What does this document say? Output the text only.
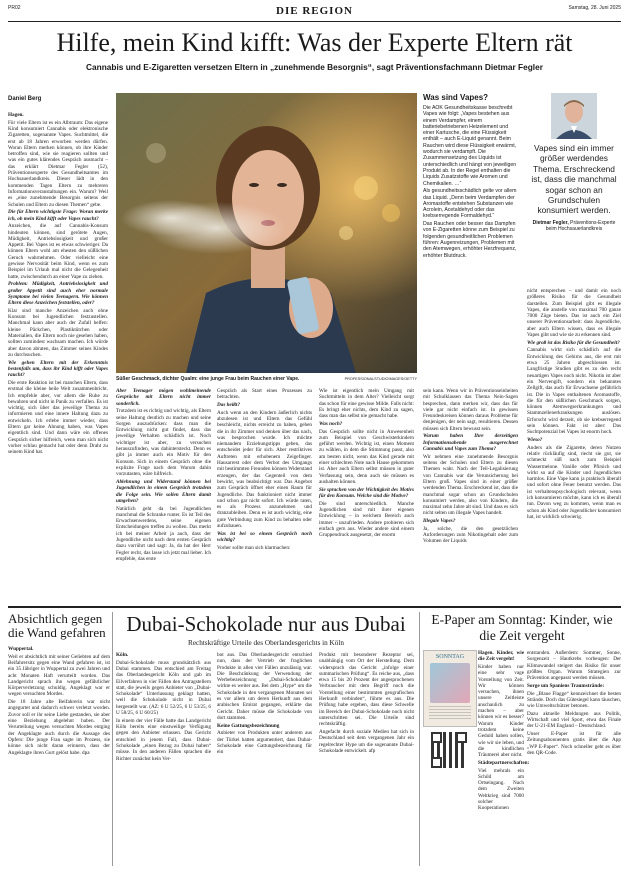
PR02	DIE REGION	Samstag, 28. Juni 2025
Hilfe, mein Kind kifft: Was der Experte Eltern rät
Cannabis und E-Zigaretten versetzen Eltern in „zunehmende Besorgnis“, sagt Präventionsfachmann Dietmar Fegler
Daniel Berg

Hagen.

Für viele Eltern ist es ein Albtraum: Das eigene Kind konsumiert Cannabis oder elektronische Zigaretten, sogenannte Vapes. Suchtmittel, die erst ab 18 Jahren erworben werden dürfen. Woran Eltern merken können, ob ihre Kinder betroffen sind, wie sie reagieren sollten und was ein gutes klärendes Gespräch ausmacht – das erklärt Dietmar Fegler (52), Präventionsexperte des Gesundheitsamtes im Hochsauerlandkreis. Dieser lädt in den kommenden Tagen Eltern zu mehreren Informationsveranstaltungen ein. Warum? Weil es „eine zunehmende Besorgnis seitens der Schulen und Eltern zu diesen Themen“ gebe.

Die für Eltern wichtigste Frage: Woran merke ich, ob mein Kind kifft oder Vapes raucht?

Anzeichen, die auf Cannabis-Konsum hindeuten können, sind gerötete Augen, Müdigkeit, Antriebslosigkeit und großer Appetit. Bei Vapes ist es etwas schwieriger. Da können Eltern wohl am ehesten den süßlichen Geruch wahrnehmen. Oder vielleicht eine gewisse Nervosität beim Kind, wenn es zum Beispiel im Urlaub mal nicht die Gelegenheit hatte, zwischendurch an einer Vape zu ziehen.

Problem: Müdigkeit, Antriebslosigkeit und großer Appetit sind auch eher normale Symptome bei vielen Teenagern. Wie können Eltern diese Anzeichen feststellen, oder?

Klar sind manche Anzeichen auch ohne Konsum bei Jugendlichen festzustellen. Manchmal kann aber auch der Zufall helfen: kleine Päckchen, Plastiktütchen oder Materialien, die Eltern noch nie gesehen haben, sollten zumindest wachsam machen. Ich würde aber davon abraten, das Zimmer seines Kindes zu durchsuchen.

Wie gehen Eltern mit der Erkenntnis bestenfalls um, dass ihr Kind kifft oder Vapes raucht?

Die erste Reaktion ist bei manchen Eltern, dass erstmal die kleine heile Welt zusammenbricht. Ich empfehle aber, vor allem die Ruhe zu bewahren und nicht in Panik zu verfallen. Es ist wichtig, sich über das jeweilige Thema zu informieren und eine innere Haltung dazu zu entwickeln. Ich erlebe immer wieder, dass Eltern gar keine Ahnung haben, was Vapes eigentlich sind. Und dann wäre ein offenes Gespräch sicher hilfreich, wenn man sich nicht vorher schlau gemacht hat oder denn Draht zu seinem Kind hat.

Süßer Geschmack, dichter Qualm: eine junge Frau beim Rauchen einer Vape.	PROFESSIONALSTUDIOIMAGES/GETTY

Aber Teenager mögen wohlmeinende Gespräche mit Eltern nicht immer sonderlich.

Trotzdem ist es richtig und wichtig, als Eltern seine Haltung deutlich zu machen und seine Sorgen auszudrücken: dass man die Entwicklung nicht gut findet, dass das jeweilige Verhalten schädlich ist. Noch wichtiger ist aber, zu versuchen herauszufinden, was dahintersteckt. Denn es gibt ja immer auch ein Motiv für den Konsum. Sich in einem Gespräch ohne die explizite Frage nach dem Warum dahin vorzutasten, wäre hilfreich.

Ablehnung und Widerstand können bei Jugendlichen in einem Gespräch trotzdem die Folge sein. Wie sollen Eltern damit umgehen?

Natürlich geht da bei Jugendlichen manchmal die Schranke runter. Es ist Teil des Erwachsenwerdens, seine eigenen Entscheidungen treffen zu wollen. Das merkt ich bei meiner Arbeit ja auch, dass der Jugendliche nicht nach dem ersten Gespräch dazu vorrührt und sagt: Ja, da hat der Herr Fegler recht, das lasse ich jetzt mal lieber. Ich empfehle, das erste

Gespräch als Start eines Prozesses zu betrachten.

Das heißt?

Auch wenn an den Kindern äußerlich nichts abzulesen ist und Eltern das Gefühl beschleicht, nichts erreicht zu haben, gehen die in ihr Zimmer und denken über das nach, was besprochen wurde. Ich möchte niemandem Erziehungstipps geben, das entscheidet jeder für sich. Aber restriktives Auftreten mit erhobenem Zeigefinger. Hausarrest oder dem Verbot des Umgangs mit bestimmten Freunden können Widerstand erzeugen, der das Gegenteil von dem bewirkt, was beabsichtigt war. Das Angebot zum Gespräch öffnet eher einen Raum für Jugendliche. Das funktioniert nicht immer und schon gar nicht sofort. Ich würde raten, es als Prozess anzunehmen und dranzubleiben. Denn es ist auch wichtig, eine gute Verbindung zum Kind zu behalten oder aufzubauen.

Was ist bei so einem Gespräch noch wichtig?

Vorher sollte man sich klarmachen:

Wie ist eigentlich mein Umgang mit Suchtmitteln in dem Alter? Vielleicht sorgt das schon für eine gewisse Milde. Falls nicht: Es bringt eher nichts, dem Kind zu sagen, dass man das selbst nie gemacht habe.

Was noch?

Das Gespräch sollte nicht in Anwesenheit zum Beispiel von Geschwisterkindern geführt werden. Wichtig ist, einen Moment zu wählen, in dem die Stimmung passt, also am besten nicht, wenn das Kind gerade mit einer schlechten Note nach Hause gekommen ist. Aber auch Eltern selbst müssen in guter Verfassung sein, denn auch sie müssen es aushalten können.

Sie sprachen von der Wichtigkeit des Motivs für den Konsum. Welche sind die Motive?

Die sind unterschiedlich. Manche Jugendlichen sind mit ihrer eigenen Entwicklung – in welchem Bereich auch immer – unzufrieden. Andere probieren sich einfach gern aus. Wieder andere sind einem Gruppendruck ausgesetzt, der enorm

sein kann. Wenn wir in Präventionseinheiten mit Schulklassen das Thema Nein-Sagen besprechen, dann merken wir, dass das für viele gar nicht einfach ist. In gewissen Freundeskreisen können daraus Probleme für denjenigen, der nein sagt, resultieren. Dessen müssen sich Eltern bewusst sein.

Warum haben Ihre derzeitigen Informationsabende ausgerechnet Cannabis und Vapes zum Thema?

Wir nehmen eine zunehmende Besorgnis seitens der Schulen und Eltern zu diesen Themen wahr. Nach der Teil-Legalisierung von Cannabis war die Verunsicherung bei Eltern groß. Vapes sind in einer größer werdenden Thema. Erschreckend ist, dass die manchmal sogar schon an Grundschulen konsumiert werden, also von Kindern, die maximal zehn Jahre alt sind. Und dass es sich nicht selten um illegale Vapes handelt.

Illegale Vapes?

Ja, solche, die den gesetzlichen Anforderungen zum Nikotingehalt oder zum Volumen der Liquids

Was sind Vapes?

Die AOK Gesundheitskasse beschreibt Vapes wie folgt: „Vapes bestehen aus einem Verdampfer, einem batteriebetriebenen Heizelement und einer Kartusche, die eine Flüssigkeit enthält – auch E-Liquid genannt. Beim Rauchen wird diese Flüssigkeit erwärmt, wodurch sie verdampft. Die Zusammensetzung des Liquids ist unterschiedlich und hängt von jeweiligen Produkt ab. In der Regel enthalten die Liquids Zusatzstoffe wie Aromen und Chemikalien. …“

Als gesundheitsschädlich gelte vor allem das Liquid. „Denn beim Verdampfen der Aromastoffe entstehen Substanzen wie Acrolein, Acetaldehyd oder das krebserregende Formaldehyd.“

Das Rauchen oder besser das Dampfen von E-Zigaretten könne zum Beispiel zu folgenden gesundheitlichen Problemen führen: Augenreizungen, Problemen mit den Atemwegen, erhöhter Herzfrequenz, erhöhter Blutdruck.

Vapes sind ein immer größer werdendes Thema. Erschreckend ist, dass die manchmal sogar schon an Grundschulen konsumiert werden.
Dietmar Fegler, Präventions-Experte beim Hochsauerlandkreis

nicht entsprechen – und damit ein noch größeres Risiko für die Gesundheit darstellen. Zum Beispiel gibt es illegale Vapes, die anstelle von maximal 700 ganze 7000 Züge bieten. Das ist auch ein Ziel unserer Präventionsarbeit: dass Jugendliche, aber auch Eltern wissen, dass es illegale Vapes gibt und wie sie zu erkennen sind.

Wie groß ist das Risiko für die Gesundheit?

Cannabis wirkt sich schädlich auf die Entwicklung des Gehirns aus, die erst mit etwa 25 Jahren abgeschlossen ist. Langfristige Studien gibt es zu den recht neuartigen Vapes noch nicht. Nikotin ist aber ein Nervengift, sondern ein bekanntes Zellgift, das auch für Erwachsene gefährlich ist. Die in Vapes enthaltenen Aromastoffe, die für den süßlichen Geschmack sorgen, können Atemwegserkrankungen und Stammzellenerkrankungen auslösen. Erforscht wird derzeit, ob sie krebserregend sein können. Fakt ist aber: Das Suchtpotenzial bei Vapes ist enorm hoch.

Wieso?

Anders als die Zigarette, deren Nutzen relativ rückläufig sind, riecht sie gut, sie schmeckt süß nach zum Beispiel Wassermelone. Vanille oder Pfirsich und wirkt so auf die Kinder und Jugendlichen harmlos. Eine Vape kann ja praktisch überall und sofort ohne Feuer benutzt werden. Das ist verhaltenspsychologisch relevant, wenn ich konsumieren möchte, kann ich es überall tun. Davon weg zu kommen, wenn man es schon als Kind oder Jugendlicher konsumiert hat, ist wirklich schwierig.

Absichtlich gegen die Wand gefahren

Wuppertal.

Weil er absichtlich mit seiner Geliebten auf dem Beifahrersitz gegen eine Wand gefahren ist, ist ein 35 Jähriger in Wuppertal zu zwei Jahren und acht Monaten Haft verurteilt worden. Das Landgericht sprach ihn wegen gefährlicher Körperverletzung schuldig. Angeklagt war er wegen versuchten Mordes.

Die 18 Jahre alte Beifahrerin war nicht angegurtet und dadurch schwer verletzt worden. Zuvor soll er ihr seine Liebe gestanden, sie aber eine Beziehung abgelehnt haben. Der Verurteilung wegen versuchten Mordes entging der Angeklagte auch durch die Aussage des Opfers: Die junge Frau sagte im Prozess, sie könne sich nicht daran erinnern, dass der Angeklagte ihren Gurt gelöst habe. dpa

Dubai-Schokolade nur aus Dubai
Rechtskräftige Urteile des Oberlandesgerichts in Köln

Köln.

Dubai-Schokolade muss grundsätzlich aus Dubai stammen. Das entschied am Freitag das Oberlandesgericht Köln und gab im Eilverfahren in vier Fällen den Antragstellern statt, die jeweils gegen Anbieter von „Dubai-Schokolade“ Unterlassung geklagt hatten, weil die Schokolade nicht in Dubai hergestellt war. (AZ: 6 U 52/25, 6 U 53/25, 6 U 58/25, 6 U 60/25)

In einem der vier Fälle hatte das Landgericht Köln bereits eine einstweilige Verfügung gegen den Anbieter erlassen. Das Gericht entschied in jenem Fall, dass Dubai-Schokolade „einen Bezug zu Dubai haben“ müsse. In den anderen Fällen sprachen die Richter zunächst kein Ver-

bot aus. Das Oberlandesgericht entschied nun, dass der Vertrieb der fraglichen Produkte in allen vier Fällen unzulässig war. Die Beschränkung der Verwendung der Werbebezeichnung „Dubai-Schokolade“ wirkte es weiter aus. Bei dem „Hype“ um die Schokolade in den vergangenen Monaten sei es vor allem um deren Herkunft aus dem arabischen Emirat gegangen, erklärte das Gericht. Daher müsse die Schokolade von dort stammen.

Keine Gattungsbezeichnung

Anbieter von Produkten unter anderem aus der Türkei hatten argumentiert, dass Dubai-Schokolade eine Gattungsbezeichnung für ein

Produkt mit besonderer Rezeptur sei, unabhängig vom Ort der Herstellung. Dem widersprach das Gericht „infolge einer summarischen Prüfung“. Es reiche aus, „dass etwa 15 bis 20 Prozent der angesprochenen Verbraucher mit dem Begriff noch die Vorstellung einer bestimmten geografischen Herkunft verbinden“, führte es aus. Die Prüfung habe ergeben, dass diese Schwelle im Bereich der Dubai-Schokolade noch nicht unterschritten sei. Die Urteile sind rechtskräftig.

Angefacht durch soziale Medien hat sich in Deutschland seit dem vergangenen Jahr ein regelrechter Hype um die sogenannte Dubai-Schokolade entwickelt. afp

E-Paper am Sonntag: Kinder, wie die Zeit vergeht
SONNTAG

Hagen. Kinder, wie die Zeit vergeht!

Kinder haben nur eine sehr vage Vorstellung von Zeit. Wir können versuchen, ihnen unsere Zeitleiste anschaulich zu machen – aber können wir es besser? Warum Kinder trotzdem keine Geduld haben sollen, wie wir sie leben, und die kindlichen Träumerei aber nicht.

Städtepartnerschaften:

Viel mehrals ein Schild am Ortseingang. Nach dem Zweiten Weltkrieg sind 7000 solcher Kooperationen

entstanden. Außerdem: Sommer, Sonne, Sorgenzeit – Hautkrebs vorbeugen: Der Klimawandel steigert das Risiko für unser größtes Organ. Warum Strategien zur Prävention angepasst werden müssen.

Sorge um Spaniens Traumstrände:

Die „Blaue Flagge“ kennzeichnet die besten Strände. Doch das Gütesiegel kann täuschen, wie Umweltschützer betonen.

Dazu aktuelle Meldungen aus Politik, Wirtschaft und viel Sport, etwa das Finale der U-21-EM England – Deutschland.

Unser E-Paper ist für alle Zeitungsabonnenten gratis über die App „WP E-Paper“. Noch schneller geht es über den QR-Code.
